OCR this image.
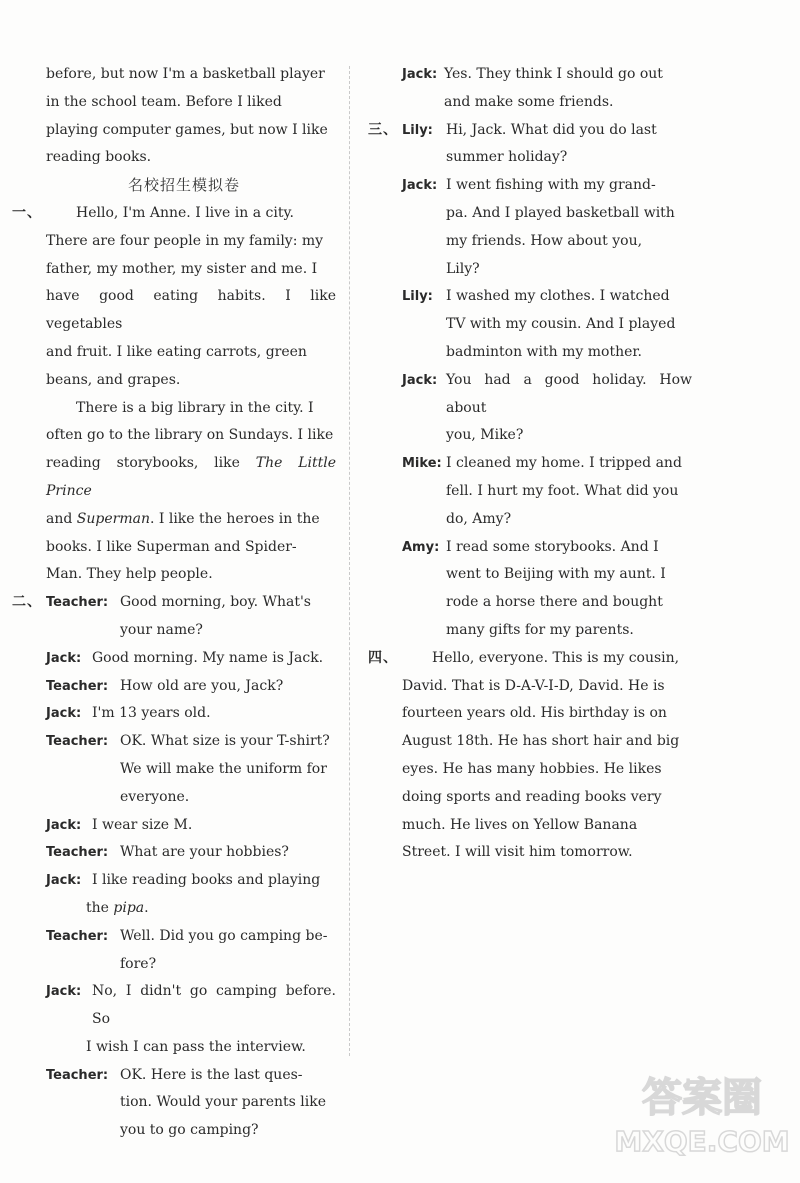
before, but now I'm a basketball player

in the school team. Before I liked

playing computer games, but now I like

reading books.

名校招生模拟卷
一、	Hello, I'm Anne. I live in a city.

There are four people in my family: my

father, my mother, my sister and me. I

have good eating habits. I like vegetables

and fruit. I like eating carrots, green

beans, and grapes.

There is a big library in the city. I

often go to the library on Sundays. I like

reading storybooks, like The Little Prince

and Superman. I like the heroes in the

books. I like Superman and Spider-

Man. They help people.

二、 Teacher: Good morning, boy. What's
your name?
Jack: Good morning. My name is Jack.
Teacher: How old are you, Jack?
Jack: I'm 13 years old.
Teacher: OK. What size is your T-shirt?
We will make the uniform for
everyone.
Jack: I wear size M.
Teacher: What are your hobbies?
Jack: I like reading books and playing
the pipa.
Teacher: Well. Did you go camping be-
fore?
Jack: No, I didn't go camping before. So
I wish I can pass the interview.
Teacher: OK. Here is the last ques-
tion. Would your parents like
you to go camping?
Jack: Yes. They think I should go out
and make some friends.
三、 Lily: Hi, Jack. What did you do last
summer holiday?
Jack: I went fishing with my grand-
pa. And I played basketball with
my friends. How about you,
Lily?
Lily: I washed my clothes. I watched
TV with my cousin. And I played
badminton with my mother.
Jack: You had a good holiday. How about
you, Mike?
Mike: I cleaned my home. I tripped and
fell. I hurt my foot. What did you
do, Amy?
Amy: I read some storybooks. And I
went to Beijing with my aunt. I
rode a horse there and bought
many gifts for my parents.
四、	Hello, everyone. This is my cousin,

David. That is D-A-V-I-D, David. He is

fourteen years old. His birthday is on

August 18th. He has short hair and big

eyes. He has many hobbies. He likes

doing sports and reading books very

much. He lives on Yellow Banana

Street. I will visit him tomorrow.

答案圈
MXQE.COM
